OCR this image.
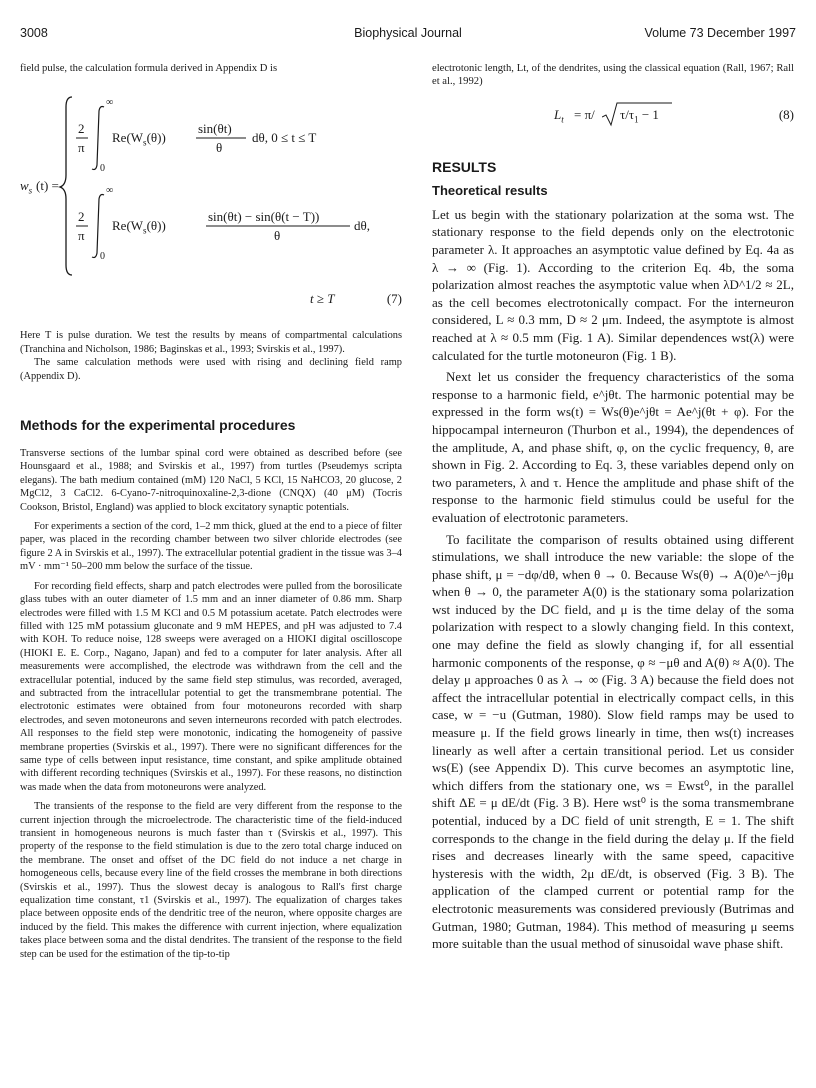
3008	Biophysical Journal	Volume 73 December 1997

field pulse, the calculation formula derived in Appendix D is

$w_s$ (t) =
2
π
∞
0
$Re(W_s(\theta))$
sin(θt)
θ
dθ, 0 ≤ t ≤ T
2
π
∞
0
$Re(W_s(\theta))$
sin(θt) − sin(θ(t − T))
θ
dθ,
t ≥ T	(7)

Here T is pulse duration. We test the results by means of compartmental calculations (Tranchina and Nicholson, 1986; Baginskas et al., 1993; Svirskis et al., 1997).

The same calculation methods were used with rising and declining field ramp (Appendix D).

Methods for the experimental procedures

Transverse sections of the lumbar spinal cord were obtained as described before (see Hounsgaard et al., 1988; and Svirskis et al., 1997) from turtles (Pseudemys scripta elegans). The bath medium contained (mM) 120 NaCl, 5 KCl, 15 NaHCO3, 20 glucose, 2 MgCl2, 3 CaCl2. 6-Cyano-7-nitroquinoxaline-2,3-dione (CNQX) (40 μM) (Tocris Cookson, Bristol, England) was applied to block excitatory synaptic potentials.

For experiments a section of the cord, 1–2 mm thick, glued at the end to a piece of filter paper, was placed in the recording chamber between two silver chloride electrodes (see figure 2 A in Svirskis et al., 1997). The extracellular potential gradient in the tissue was 3–4 mV · mm⁻¹ 50–200 mm below the surface of the tissue.

For recording field effects, sharp and patch electrodes were pulled from the borosilicate glass tubes with an outer diameter of 1.5 mm and an inner diameter of 0.86 mm. Sharp electrodes were filled with 1.5 M KCl and 0.5 M potassium acetate. Patch electrodes were filled with 125 mM potassium gluconate and 9 mM HEPES, and pH was adjusted to 7.4 with KOH. To reduce noise, 128 sweeps were averaged on a HIOKI digital oscilloscope (HIOKI E. E. Corp., Nagano, Japan) and fed to a computer for later analysis. After all measurements were accomplished, the electrode was withdrawn from the cell and the extracellular potential, induced by the same field step stimulus, was recorded, averaged, and subtracted from the intracellular potential to get the transmembrane potential. The electrotonic estimates were obtained from four motoneurons recorded with sharp electrodes, and seven motoneurons and seven interneurons recorded with patch electrodes. All responses to the field step were monotonic, indicating the homogeneity of passive membrane properties (Svirskis et al., 1997). There were no significant differences for the same type of cells between input resistance, time constant, and spike amplitude obtained with different recording techniques (Svirskis et al., 1997). For these reasons, no distinction was made when the data from motoneurons were analyzed.

The transients of the response to the field are very different from the response to the current injection through the microelectrode. The characteristic time of the field-induced transient in homogeneous neurons is much faster than τ (Svirskis et al., 1997). This property of the response to the field stimulation is due to the zero total charge induced on the membrane. The onset and offset of the DC field do not induce a net charge in homogeneous cells, because every line of the field crosses the membrane in both directions (Svirskis et al., 1997). Thus the slowest decay is analogous to Rall's first charge equalization time constant, τ1 (Svirskis et al., 1997). The equalization of charges takes place between opposite ends of the dendritic tree of the neuron, where opposite charges are induced by the field. This makes the difference with current injection, where equalization takes place between soma and the distal dendrites. The transient of the response to the field step can be used for the estimation of the tip-to-tip

electrotonic length, Lt, of the dendrites, using the classical equation (Rall, 1967; Rall et al., 1992)

$L_t = \pi/$ $\tau/\tau_1 - 1$	(8)
RESULTS
Theoretical results

Let us begin with the stationary polarization at the soma wst. The stationary response to the field depends only on the electrotonic parameter λ. It approaches an asymptotic value defined by Eq. 4a as λ → ∞ (Fig. 1). According to the criterion Eq. 4b, the soma polarization almost reaches the asymptotic value when λD^1/2 ≈ 2L, as the cell becomes electrotonically compact. For the interneuron considered, L ≈ 0.3 mm, D ≈ 2 μm. Indeed, the asymptote is almost reached at λ ≈ 0.5 mm (Fig. 1 A). Similar dependences wst(λ) were calculated for the turtle motoneuron (Fig. 1 B).

Next let us consider the frequency characteristics of the soma response to a harmonic field, e^jθt. The harmonic potential may be expressed in the form ws(t) = Ws(θ)e^jθt = Ae^j(θt + φ). For the hippocampal interneuron (Thurbon et al., 1994), the dependences of the amplitude, A, and phase shift, φ, on the cyclic frequency, θ, are shown in Fig. 2. According to Eq. 3, these variables depend only on two parameters, λ and τ. Hence the amplitude and phase shift of the response to the harmonic field stimulus could be useful for the evaluation of electrotonic parameters.

To facilitate the comparison of results obtained using different stimulations, we shall introduce the new variable: the slope of the phase shift, μ = −dφ/dθ, when θ → 0. Because Ws(θ) → A(0)e^−jθμ when θ → 0, the parameter A(0) is the stationary soma polarization wst induced by the DC field, and μ is the time delay of the soma polarization with respect to a slowly changing field. In this context, one may define the field as slowly changing if, for all essential harmonic components of the response, φ ≈ −μθ and A(θ) ≈ A(0). The delay μ approaches 0 as λ → ∞ (Fig. 3 A) because the field does not affect the intracellular potential in electrically compact cells, in this case, w = −u (Gutman, 1980). Slow field ramps may be used to measure μ. If the field grows linearly in time, then ws(t) increases linearly as well after a certain transitional period. Let us consider ws(E) (see Appendix D). This curve becomes an asymptotic line, which differs from the stationary one, ws = Ewst⁰, in the parallel shift ΔE = μ dE/dt (Fig. 3 B). Here wst⁰ is the soma transmembrane potential, induced by a DC field of unit strength, E = 1. The shift corresponds to the change in the field during the delay μ. If the field rises and decreases linearly with the same speed, capacitive hysteresis with the width, 2μ dE/dt, is observed (Fig. 3 B). The application of the clamped current or potential ramp for the electrotonic measurements was considered previously (Butrimas and Gutman, 1980; Gutman, 1984). This method of measuring μ seems more suitable than the usual method of sinusoidal wave phase shift.
